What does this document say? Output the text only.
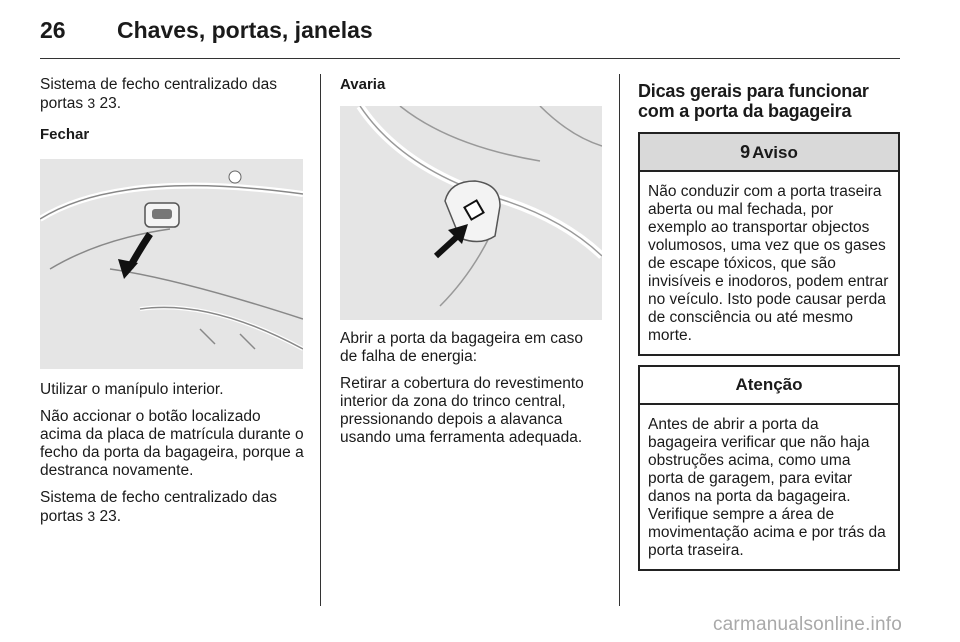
26 Chaves, portas, janelas

Sistema de fecho centralizado das portas 3 23.

Fechar

Utilizar o manípulo interior.

Não accionar o botão localizado acima da placa de matrícula durante o fecho da porta da bagageira, porque a destranca novamente.

Sistema de fecho centralizado das portas 3 23.

Avaria

Abrir a porta da bagageira em caso de falha de energia:

Retirar a cobertura do revestimento interior da zona do trinco central, pressionando depois a alavanca usando uma ferramenta adequada.

Dicas gerais para funcionar com a porta da bagageira
9 Aviso
Não conduzir com a porta traseira aberta ou mal fechada, por exemplo ao transportar objectos volumosos, uma vez que os gases de escape tóxicos, que são invisíveis e inodoros, podem entrar no veículo. Isto pode causar perda de consciência ou até mesmo morte.
Atenção
Antes de abrir a porta da bagageira verificar que não haja obstruções acima, como uma porta de garagem, para evitar danos na porta da bagageira. Verifique sempre a área de movimentação acima e por trás da porta traseira.
carmanualsonline.info
